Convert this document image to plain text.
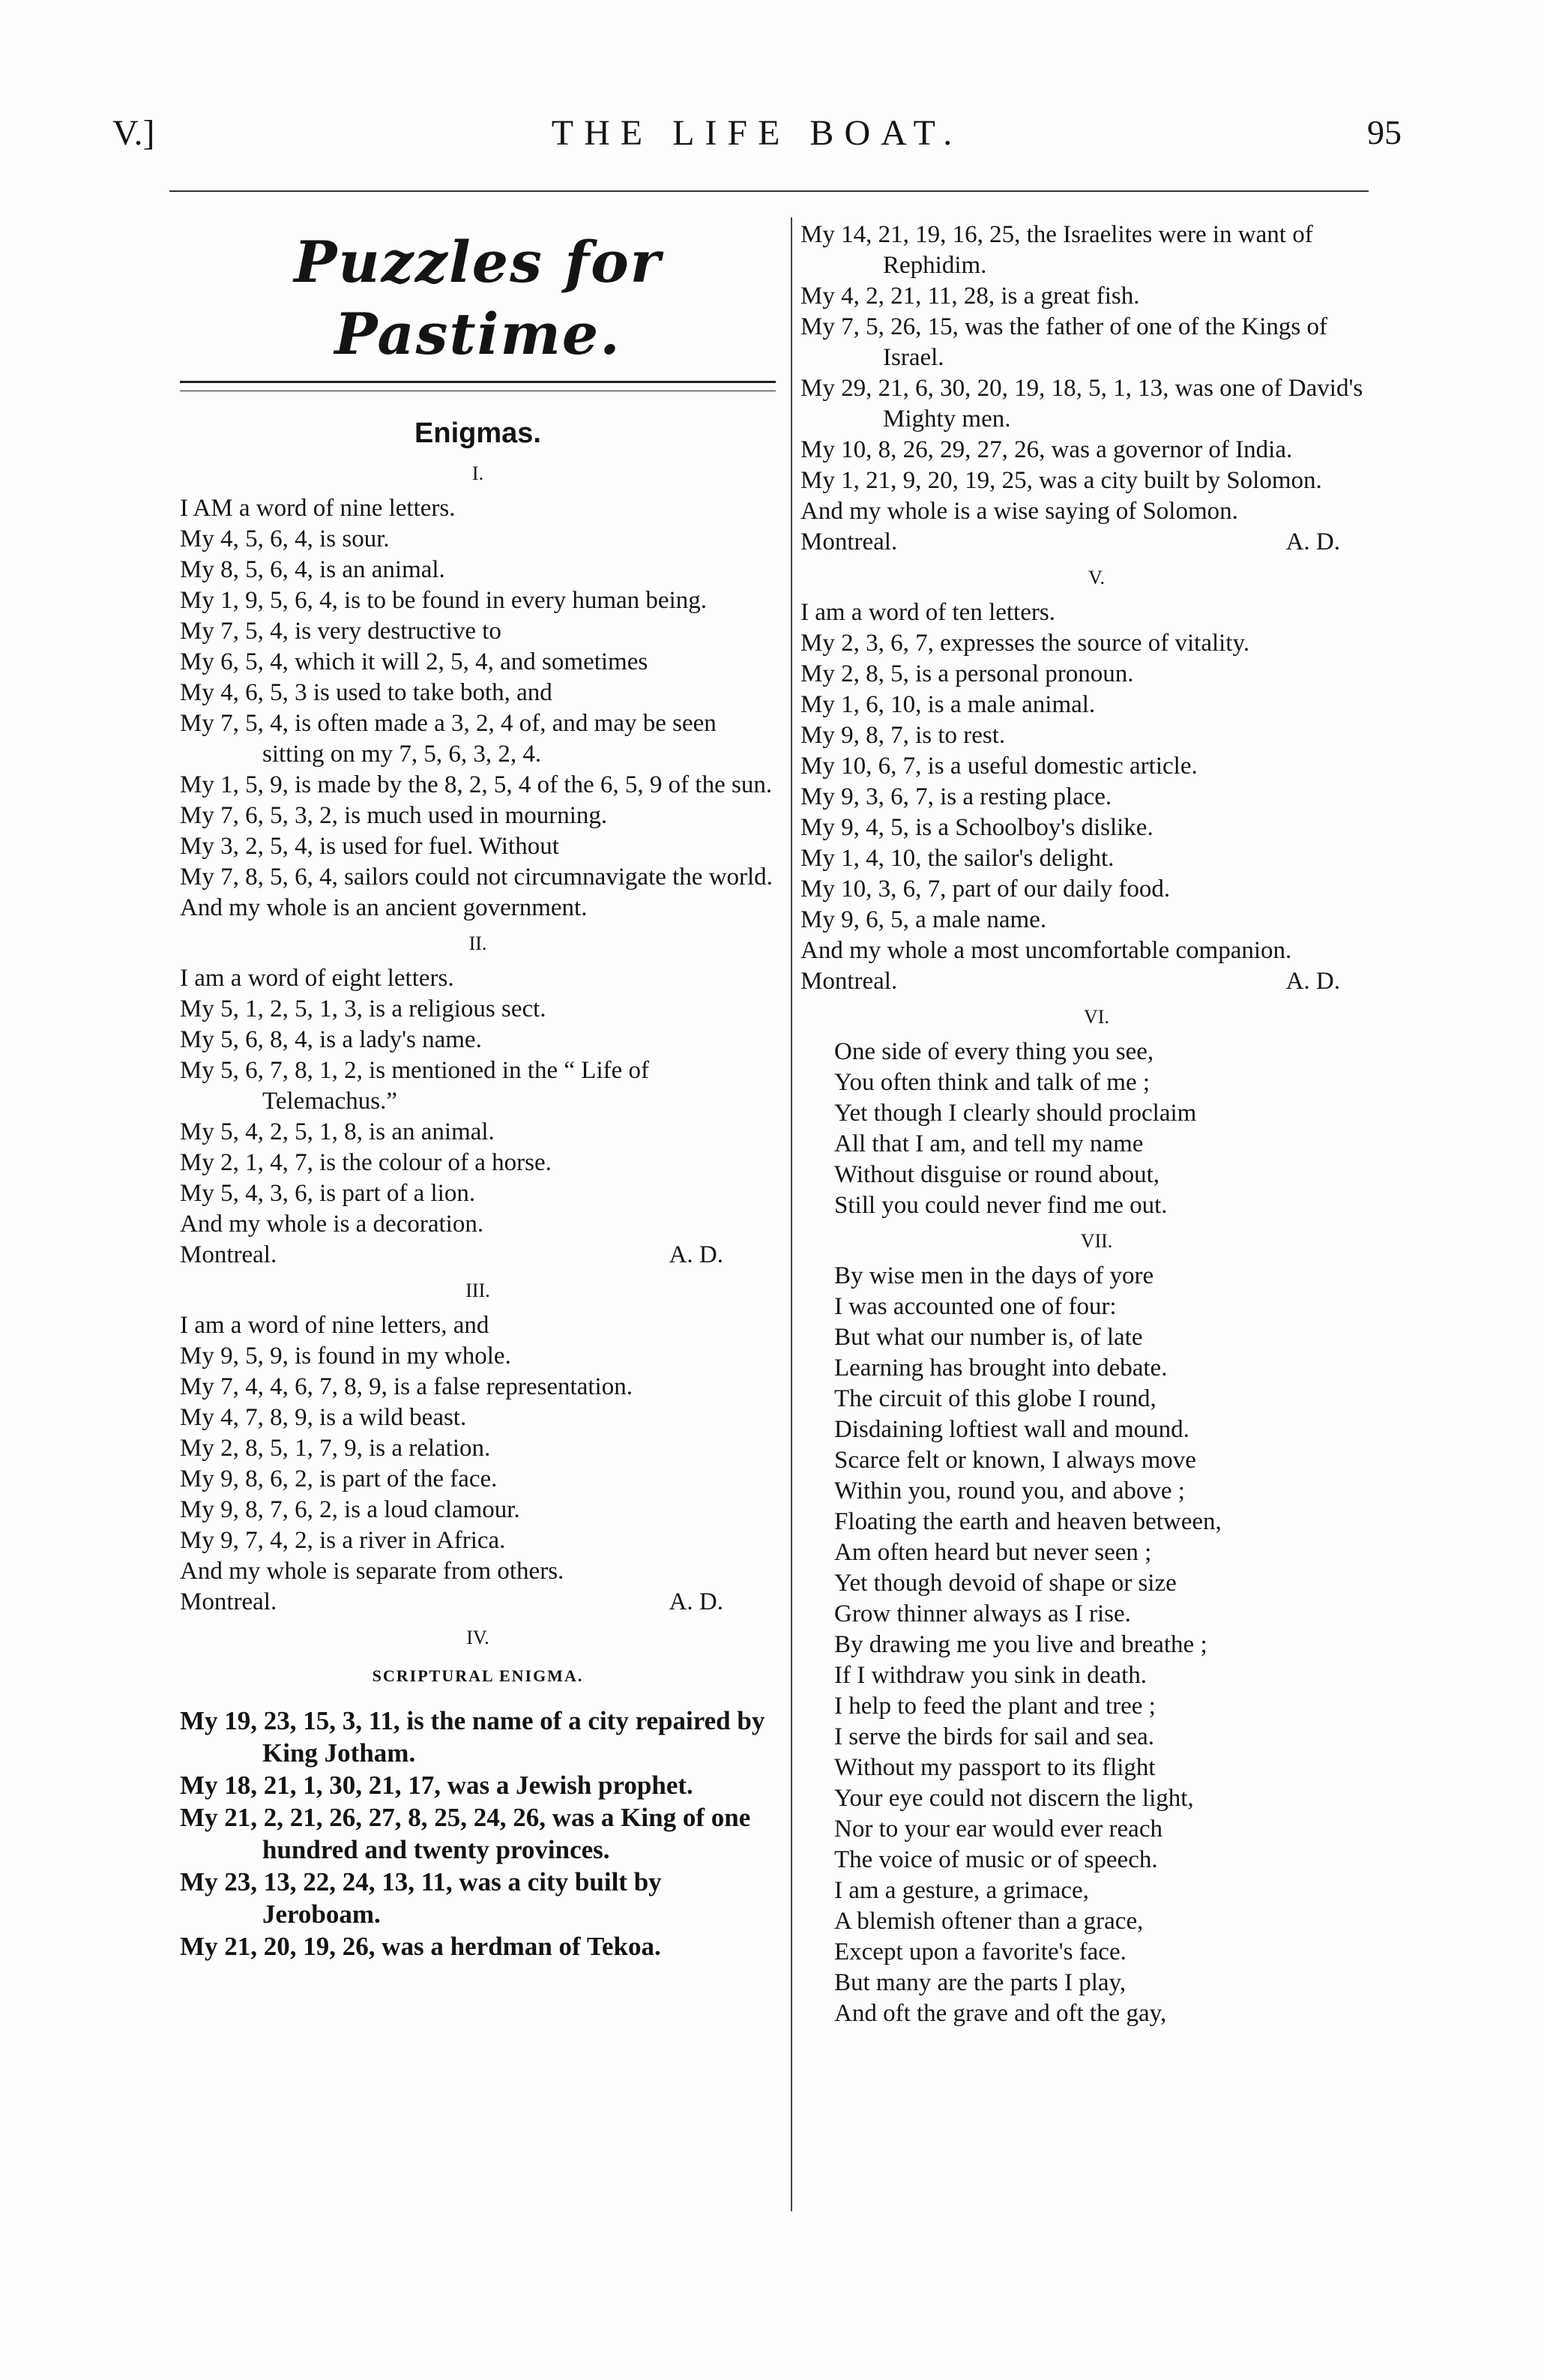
V.]	THE LIFE BOAT.	95
Puzzles for Pastime.
Enigmas.
I.

I AM a word of nine letters.

My 4, 5, 6, 4, is sour.

My 8, 5, 6, 4, is an animal.

My 1, 9, 5, 6, 4, is to be found in every human being.

My 7, 5, 4, is very destructive to

My 6, 5, 4, which it will 2, 5, 4, and sometimes

My 4, 6, 5, 3 is used to take both, and

My 7, 5, 4, is often made a 3, 2, 4 of, and may be seen sitting on my 7, 5, 6, 3, 2, 4.

My 1, 5, 9, is made by the 8, 2, 5, 4 of the 6, 5, 9 of the sun.

My 7, 6, 5, 3, 2, is much used in mourning.

My 3, 2, 5, 4, is used for fuel. Without

My 7, 8, 5, 6, 4, sailors could not circumnavigate the world.

And my whole is an ancient government.

II.

I am a word of eight letters.

My 5, 1, 2, 5, 1, 3, is a religious sect.

My 5, 6, 8, 4, is a lady's name.

My 5, 6, 7, 8, 1, 2, is mentioned in the “ Life of Telemachus.”

My 5, 4, 2, 5, 1, 8, is an animal.

My 2, 1, 4, 7, is the colour of a horse.

My 5, 4, 3, 6, is part of a lion.

And my whole is a decoration.

Montreal.	A. D.

III.

I am a word of nine letters, and

My 9, 5, 9, is found in my whole.

My 7, 4, 4, 6, 7, 8, 9, is a false representation.

My 4, 7, 8, 9, is a wild beast.

My 2, 8, 5, 1, 7, 9, is a relation.

My 9, 8, 6, 2, is part of the face.

My 9, 8, 7, 6, 2, is a loud clamour.

My 9, 7, 4, 2, is a river in Africa.

And my whole is separate from others.

Montreal.	A. D.

IV.
SCRIPTURAL ENIGMA.

My 19, 23, 15, 3, 11, is the name of a city repaired by King Jotham.

My 18, 21, 1, 30, 21, 17, was a Jewish prophet.

My 21, 2, 21, 26, 27, 8, 25, 24, 26, was a King of one hundred and twenty provinces.

My 23, 13, 22, 24, 13, 11, was a city built by Jeroboam.

My 21, 20, 19, 26, was a herdman of Tekoa.

My 14, 21, 19, 16, 25, the Israelites were in want of Rephidim.

My 4, 2, 21, 11, 28, is a great fish.

My 7, 5, 26, 15, was the father of one of the Kings of Israel.

My 29, 21, 6, 30, 20, 19, 18, 5, 1, 13, was one of David's Mighty men.

My 10, 8, 26, 29, 27, 26, was a governor of India.

My 1, 21, 9, 20, 19, 25, was a city built by Solomon.

And my whole is a wise saying of Solomon.

Montreal.	A. D.

V.

I am a word of ten letters.

My 2, 3, 6, 7, expresses the source of vitality.

My 2, 8, 5, is a personal pronoun.

My 1, 6, 10, is a male animal.

My 9, 8, 7, is to rest.

My 10, 6, 7, is a useful domestic article.

My 9, 3, 6, 7, is a resting place.

My 9, 4, 5, is a Schoolboy's dislike.

My 1, 4, 10, the sailor's delight.

My 10, 3, 6, 7, part of our daily food.

My 9, 6, 5, a male name.

And my whole a most uncomfortable companion.

Montreal.	A. D.

VI.

One side of every thing you see,

You often think and talk of me ;

Yet though I clearly should proclaim

All that I am, and tell my name

Without disguise or round about,

Still you could never find me out.

VII.

By wise men in the days of yore

I was accounted one of four:

But what our number is, of late

Learning has brought into debate.

The circuit of this globe I round,

Disdaining loftiest wall and mound.

Scarce felt or known, I always move

Within you, round you, and above ;

Floating the earth and heaven between,

Am often heard but never seen ;

Yet though devoid of shape or size

Grow thinner always as I rise.

By drawing me you live and breathe ;

If I withdraw you sink in death.

I help to feed the plant and tree ;

I serve the birds for sail and sea.

Without my passport to its flight

Your eye could not discern the light,

Nor to your ear would ever reach

The voice of music or of speech.

I am a gesture, a grimace,

A blemish oftener than a grace,

Except upon a favorite's face.

But many are the parts I play,

And oft the grave and oft the gay,
